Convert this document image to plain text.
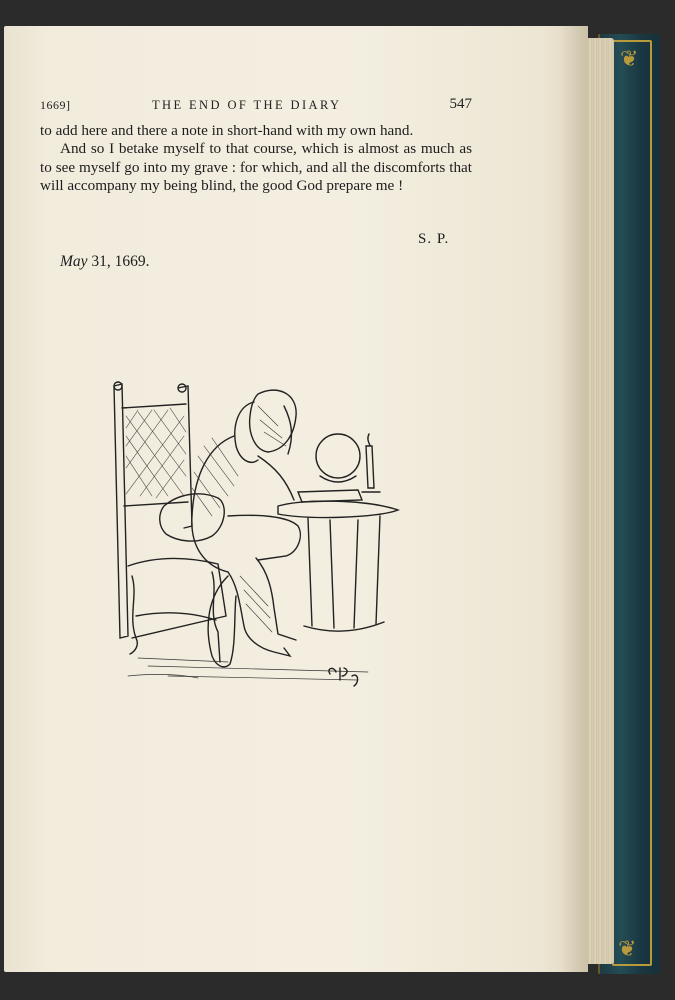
❦
❦
1669]	THE END OF THE DIARY	547

to add here and there a note in short-hand with my own hand.

And so I betake myself to that course, which is almost as much as to see myself go into my grave : for which, and all the discomforts that will accompany my being blind, the good God prepare me !

S. P.
May 31, 1669.
